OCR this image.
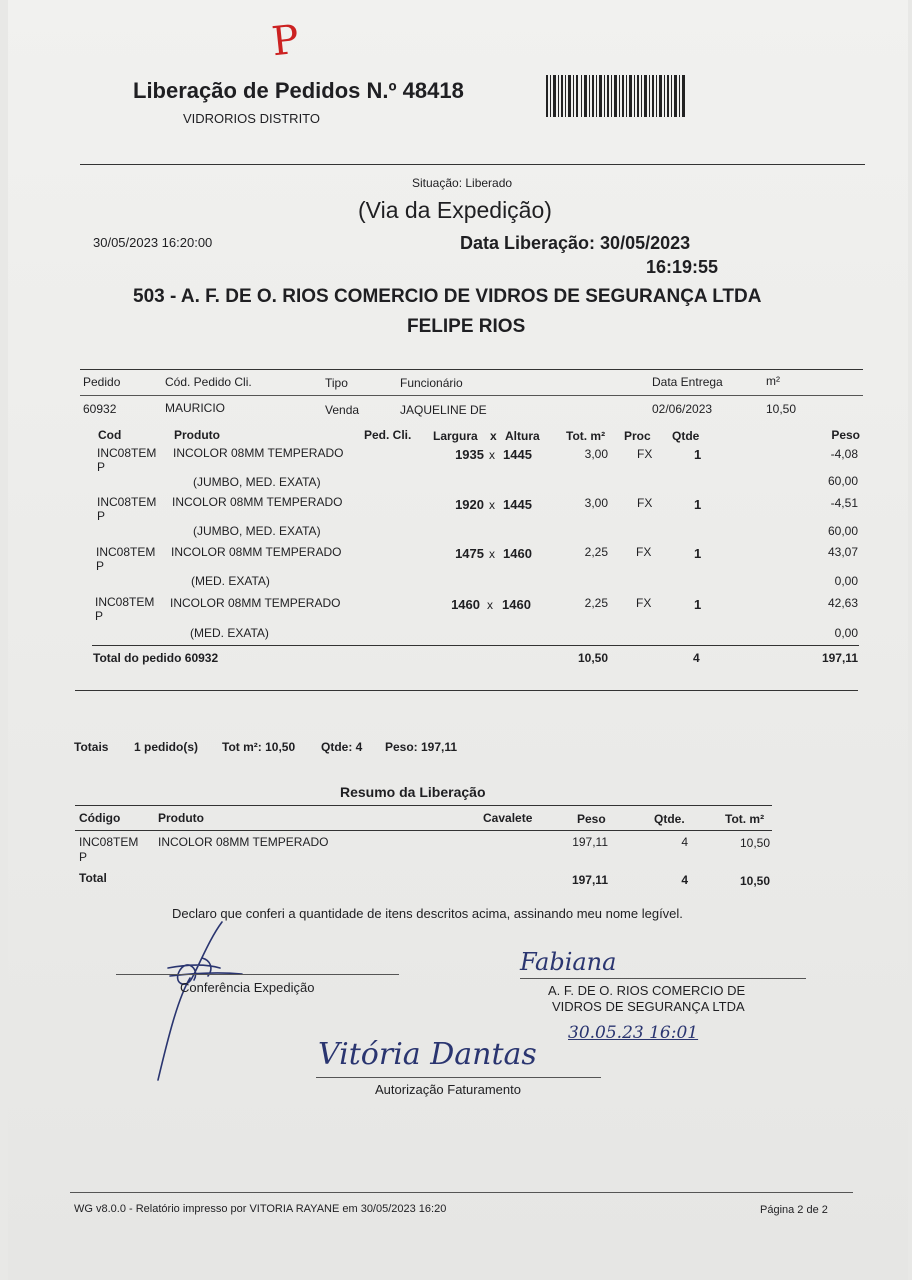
P
Liberação de Pedidos N.º 48418
VIDRORIOS DISTRITO
Situação: Liberado
(Via da Expedição)
30/05/2023 16:20:00	Data Liberação: 30/05/2023
16:19:55
503 - A. F. DE O. RIOS COMERCIO DE VIDROS DE SEGURANÇA LTDA
FELIPE RIOS
Pedido	Cód. Pedido Cli.	Tipo	Funcionário	Data Entrega	m²
60932	MAURICIO	Venda	JAQUELINE DE	02/06/2023	10,50
Cod	Produto	Ped. Cli. Largura x Altura Tot. m² Proc Qtde	Peso
INC08TEM
P
INCOLOR 08MM TEMPERADO	1935 x 1445	3,00 FX	1	-4,08
(JUMBO, MED. EXATA)	60,00
INC08TEM
P
INCOLOR 08MM TEMPERADO	1920 x 1445	3,00 FX	1	-4,51
(JUMBO, MED. EXATA)	60,00
INC08TEM
P
INCOLOR 08MM TEMPERADO	1475 x 1460	2,25 FX	1	43,07
(MED. EXATA)	0,00
INC08TEM
P
INCOLOR 08MM TEMPERADO	1460 x 1460	2,25 FX	1	42,63
(MED. EXATA)	0,00
Total do pedido 60932	10,50	4	197,11
Totais 1 pedido(s) Tot m²: 10,50 Qtde: 4 Peso: 197,11
Resumo da Liberação
Código	Produto	Cavalete	Peso	Qtde.	Tot. m²
INC08TEM
P
INCOLOR 08MM TEMPERADO	197,11	4	10,50
Total	197,11	4	10,50
Declaro que conferi a quantidade de itens descritos acima, assinando meu nome legível.
Conferência Expedição
Fabiana
A. F. DE O. RIOS COMERCIO DE
VIDROS DE SEGURANÇA LTDA
30.05.23 16:01
Vitória Dantas
Autorização Faturamento
WG v8.0.0 - Relatório impresso por VITORIA RAYANE em 30/05/2023 16:20	Página 2 de 2
